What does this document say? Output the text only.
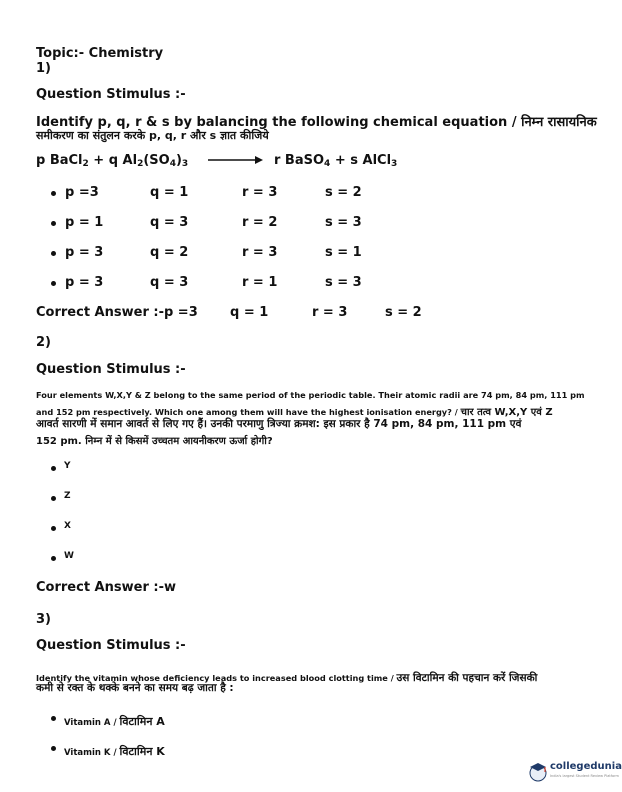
Topic:- Chemistry
1)
Question Stimulus :-
Identify p, q, r & s by balancing the following chemical equation / निम्न रासायनिक
समीकरण का संतुलन करके p, q, r और s ज्ञात कीजिये
p BaCl$_2$ + q $Al_2(SO_4)_3 \to r$ BaSO$_4$ + s AlCl$_3$
p =3	q = 1	r = 3	s = 2
p = 1	q = 3	r = 2	s = 3
p = 3	q = 2	r = 3	s = 1
p = 3	q = 3	r = 1	s = 3
Correct Answer :-p =3 q = 1	r = 3	s = 2
2)
Question Stimulus :-
Four elements W,X,Y & Z belong to the same period of the periodic table. Their atomic radii are 74 pm, 84 pm, 111 pm
and 152 pm respectively. Which one among them will have the highest ionisation energy? / चार तत्व W,X,Y एवं Z
आवर्त सारणी में समान आवर्त से लिए गए हैं। उनकी परमाणु त्रिज्या क्रमश: इस प्रकार है 74 pm, 84 pm, 111 pm एवं
152 pm. निम्न में से किसमें उच्चतम आयनीकरण ऊर्जा होगी?
Y
Z
X
W
Correct Answer :-w
3)
Question Stimulus :-
Identify the vitamin whose deficiency leads to increased blood clotting time / उस विटामिन की पहचान करें जिसकी
कमी से रक्त के थक्के बनने का समय बढ़ जाता है :
Vitamin A / विटामिन A
Vitamin K / विटामिन K
collegedunia
India's largest Student Review Platform
